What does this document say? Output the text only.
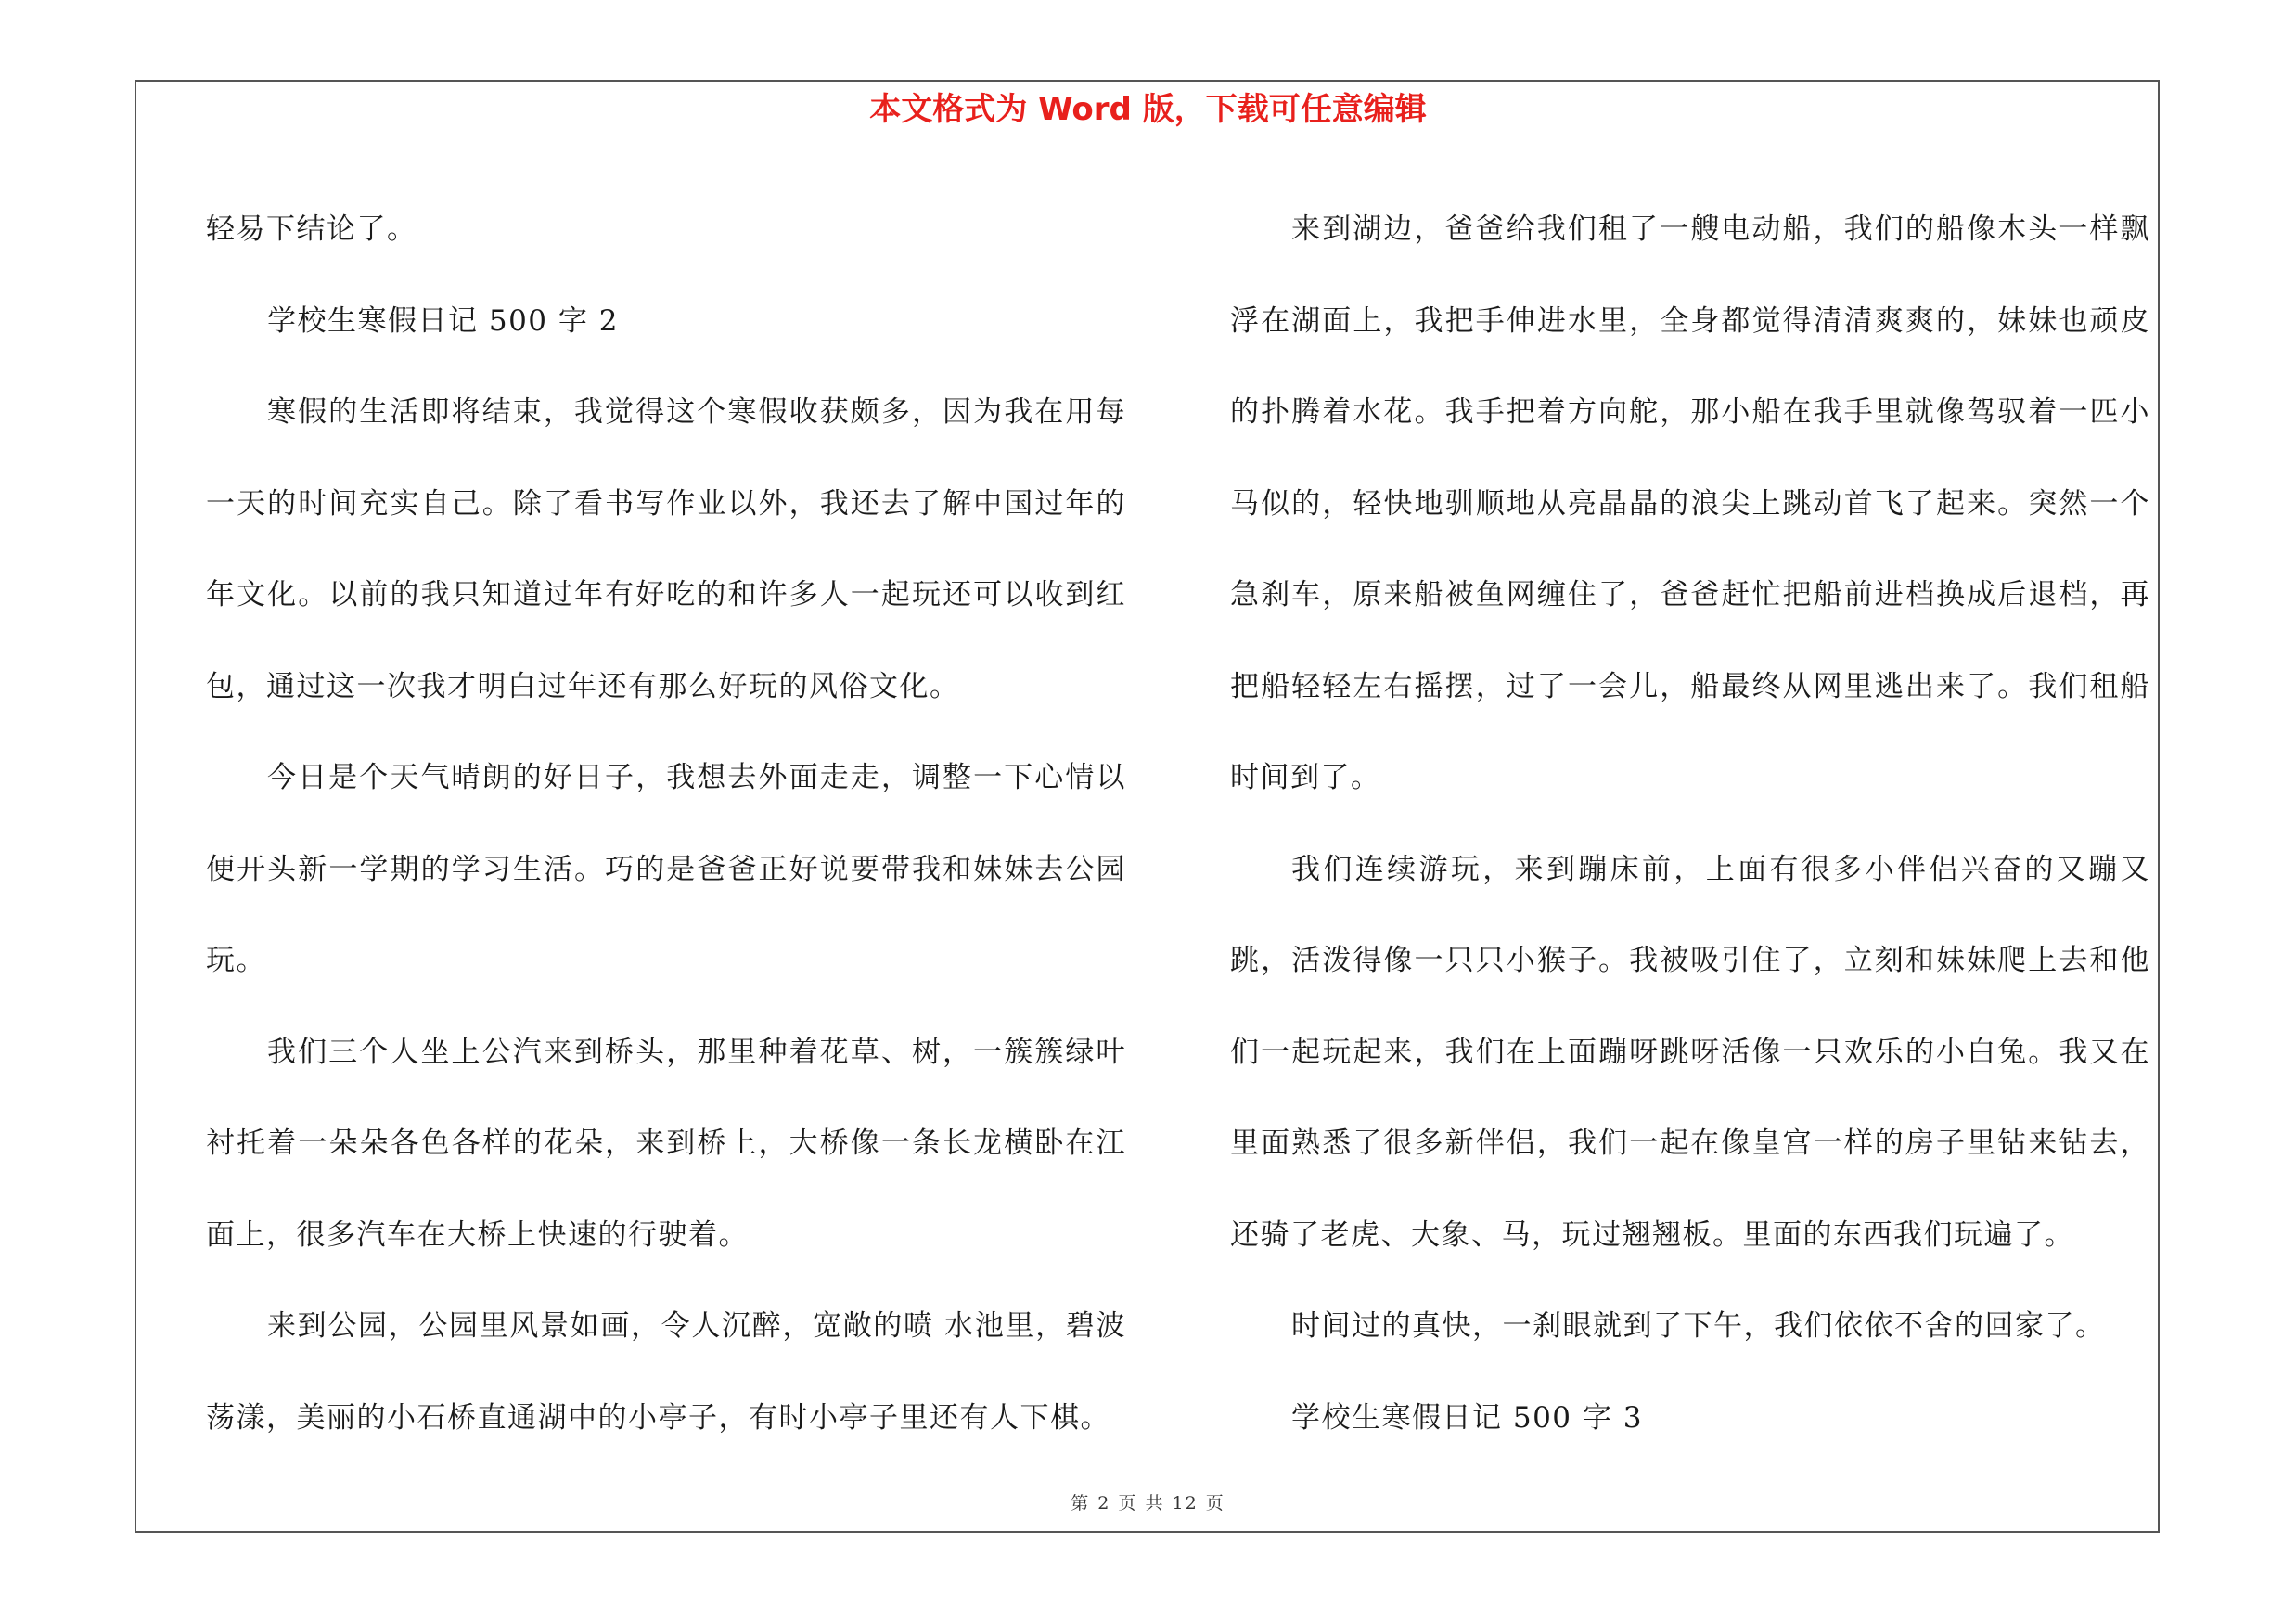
本文格式为 Word 版，下载可任意编辑

轻易下结论了。

学校生寒假日记 500 字 2

寒假的生活即将结束，我觉得这个寒假收获颇多，因为我在用每一天的时间充实自己。除了看书写作业以外，我还去了解中国过年的年文化。以前的我只知道过年有好吃的和许多人一起玩还可以收到红包，通过这一次我才明白过年还有那么好玩的风俗文化。

今日是个天气晴朗的好日子，我想去外面走走，调整一下心情以便开头新一学期的学习生活。巧的是爸爸正好说要带我和妹妹去公园玩。

我们三个人坐上公汽来到桥头，那里种着花草、树，一簇簇绿叶衬托着一朵朵各色各样的花朵，来到桥上，大桥像一条长龙横卧在江面上，很多汽车在大桥上快速的行驶着。

来到公园，公园里风景如画，令人沉醉，宽敞的喷 水池里，碧波荡漾，美丽的小石桥直通湖中的小亭子，有时小亭子里还有人下棋。

来到湖边，爸爸给我们租了一艘电动船，我们的船像木头一样飘浮在湖面上，我把手伸进水里，全身都觉得清清爽爽的，妹妹也顽皮的扑腾着水花。我手把着方向舵，那小船在我手里就像驾驭着一匹小马似的，轻快地驯顺地从亮晶晶的浪尖上跳动首飞了起来。突然一个急刹车，原来船被鱼网缠住了，爸爸赶忙把船前进档换成后退档，再把船轻轻左右摇摆，过了一会儿，船最终从网里逃出来了。我们租船时间到了。

我们连续游玩，来到蹦床前，上面有很多小伴侣兴奋的又蹦又跳，活泼得像一只只小猴子。我被吸引住了，立刻和妹妹爬上去和他们一起玩起来，我们在上面蹦呀跳呀活像一只欢乐的小白兔。我又在里面熟悉了很多新伴侣，我们一起在像皇宫一样的房子里钻来钻去，还骑了老虎、大象、马，玩过翘翘板。里面的东西我们玩遍了。

时间过的真快，一刹眼就到了下午，我们依依不舍的回家了。

学校生寒假日记 500 字 3

第 2 页 共 12 页
